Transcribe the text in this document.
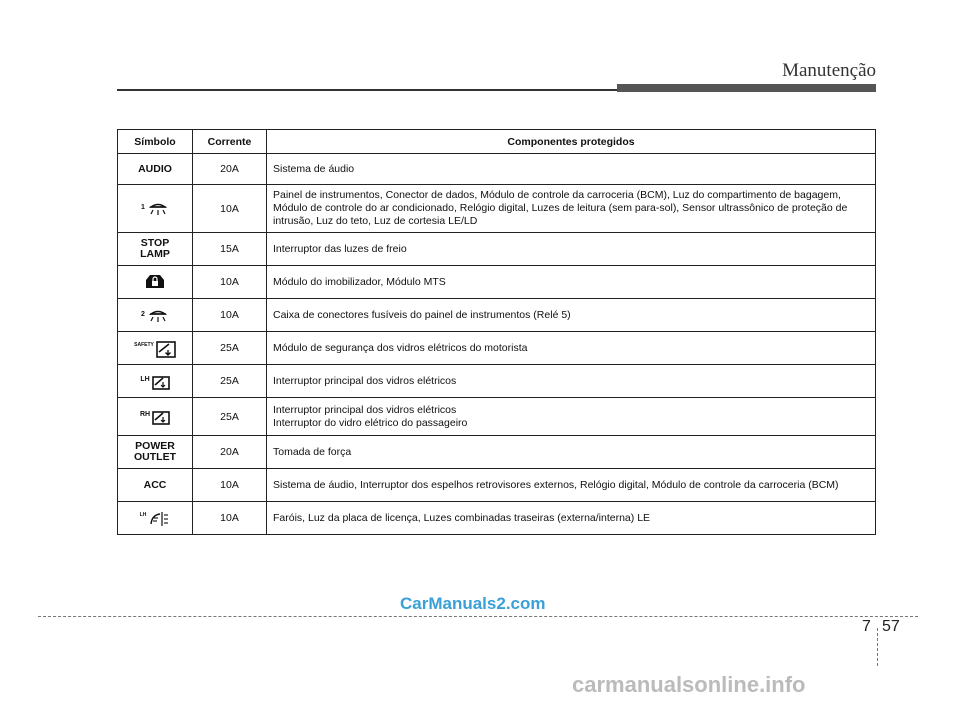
Manutenção
Símbolo	Corrente	Componentes protegidos
AUDIO	20A	Sistema de áudio

1	10A	Painel de instrumentos, Conector de dados, Módulo de controle da carroceria (BCM), Luz do compartimento de bagagem, Módulo de controle do ar condicionado, Relógio digital, Luzes de leitura (sem para-sol), Sensor ultrassônico de proteção de intrusão, Luz do teto, Luz de cortesia LE/LD
STOP
LAMP	15A	Interruptor das luzes de freio

	10A	Módulo do imobilizador, Módulo MTS

2	10A	Caixa de conectores fusíveis do painel de instrumentos (Relé 5)

SAFETY	25A	Módulo de segurança dos vidros elétricos do motorista

LH	25A	Interruptor principal dos vidros elétricos

RH	25A	Interruptor principal dos vidros elétricos
Interruptor do vidro elétrico do passageiro

POWER
OUTLET	20A	Tomada de força
ACC	10A	Sistema de áudio, Interruptor dos espelhos retrovisores externos, Relógio digital, Módulo de controle da carroceria (BCM)

LH	10A	Faróis, Luz da placa de licença, Luzes combinadas traseiras (externa/interna) LE
CarManuals2.com
7 57
carmanualsonline.info
